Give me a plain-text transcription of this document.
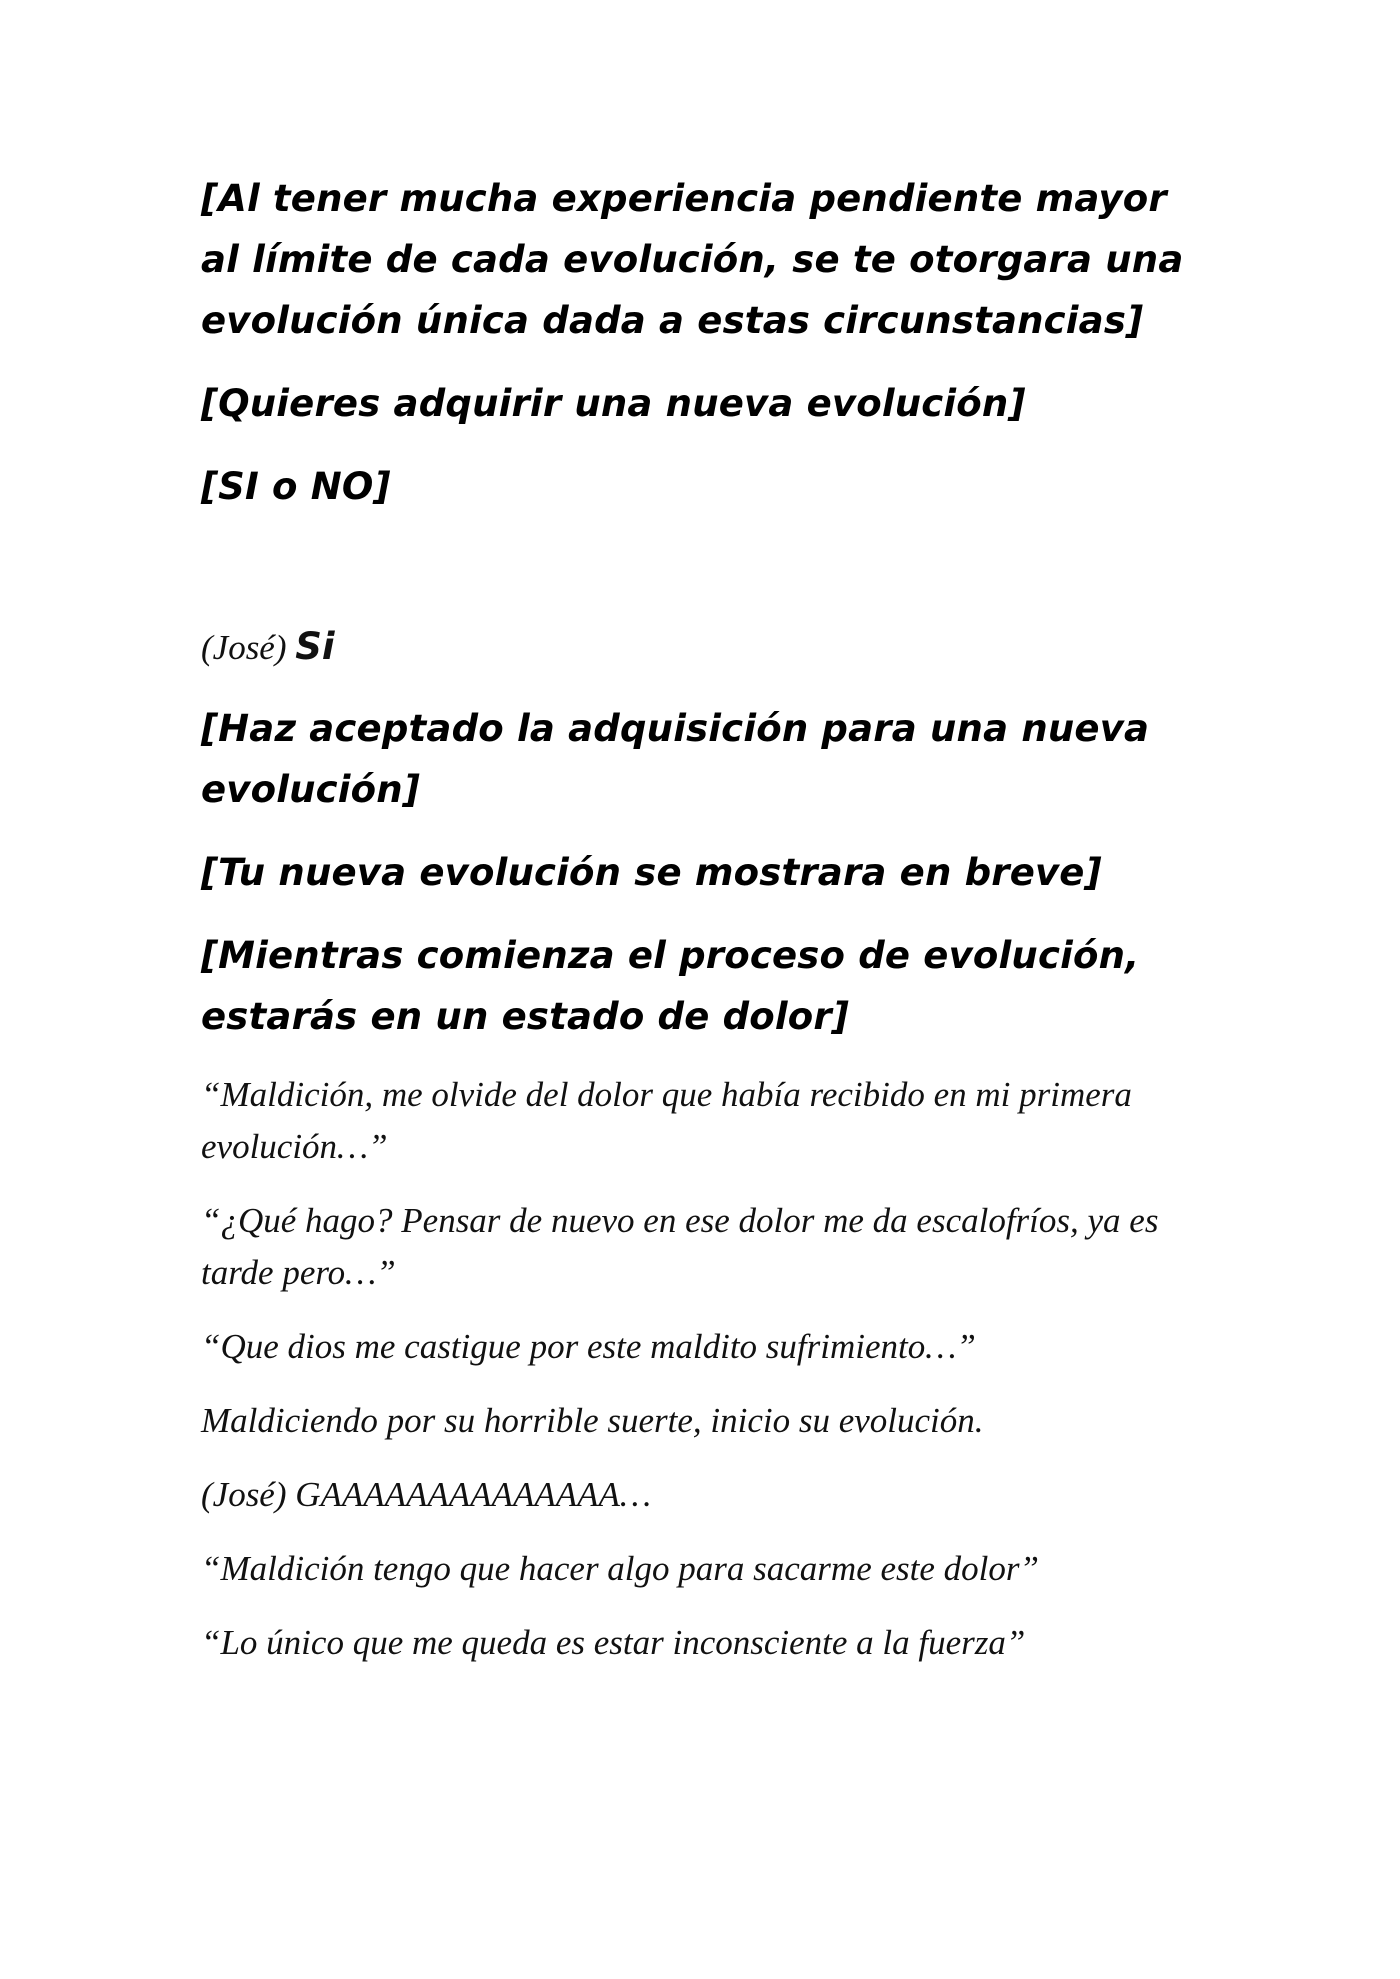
[Al tener mucha experiencia pendiente mayor al límite de cada evolución, se te otorgara una evolución única dada a estas circunstancias]

[Quieres adquirir una nueva evolución]

[SI o NO]

(José) Si

[Haz aceptado la adquisición para una nueva evolución]

[Tu nueva evolución se mostrara en breve]

[Mientras comienza el proceso de evolución, estarás en un estado de dolor]

“Maldición, me olvide del dolor que había recibido en mi primera evolución…”

“¿Qué hago? Pensar de nuevo en ese dolor me da escalofríos, ya es tarde pero…”

“Que dios me castigue por este maldito sufrimiento…”

Maldiciendo por su horrible suerte, inicio su evolución.

(José) GAAAAAAAAAAAAAA…

“Maldición tengo que hacer algo para sacarme este dolor”

“Lo único que me queda es estar inconsciente a la fuerza”
